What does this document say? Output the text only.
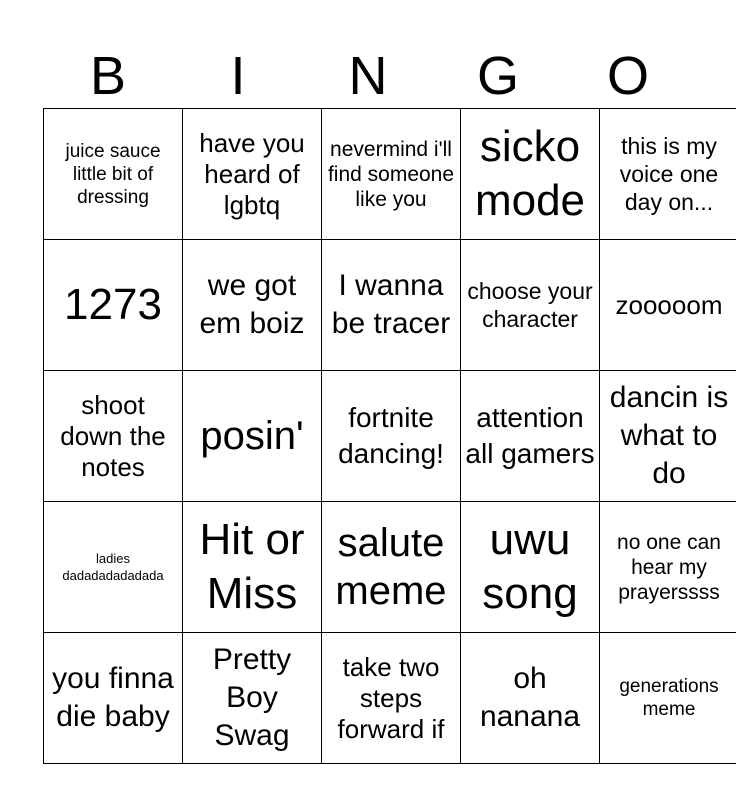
B	I	N	G	O
juice sauce little bit of dressing	have you heard of lgbtq	nevermind i'll find someone like you	sicko mode	this is my voice one day on...

1273	we got em boiz	I wanna be tracer	choose your character	zooooom

shoot down the notes	posin'	fortnite dancing!	attention all gamers	dancin is what to do

ladies dadadadadadada	Hit or Miss	salute meme	uwu song	no one can hear my prayerssss

you finna die baby	Pretty Boy Swag	take two steps forward if	oh nanana	generations meme
